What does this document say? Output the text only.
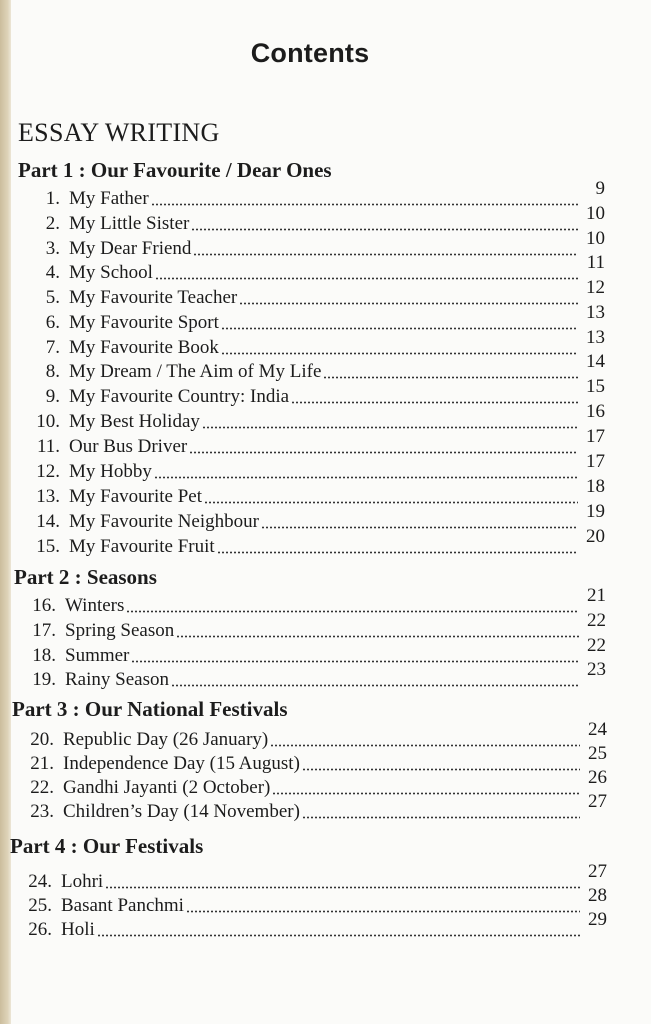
Contents
ESSAY WRITING
Part 1 : Our Favourite / Dear Ones
1. My Father	9
2. My Little Sister	10
3. My Dear Friend	10
4. My School	11
5. My Favourite Teacher	12
6. My Favourite Sport	13
7. My Favourite Book	13
8. My Dream / The Aim of My Life	14
9. My Favourite Country: India	15
10. My Best Holiday	16
11. Our Bus Driver	17
12. My Hobby	17
13. My Favourite Pet	18
14. My Favourite Neighbour	19
15. My Favourite Fruit	20
Part 2 : Seasons
16. Winters	21
17. Spring Season	22
18. Summer	22
19. Rainy Season	23
Part 3 : Our National Festivals
20. Republic Day (26 January)	24
21. Independence Day (15 August)	25
22. Gandhi Jayanti (2 October)	26
23. Children’s Day (14 November)	27
Part 4 : Our Festivals
24. Lohri	27
25. Basant Panchmi	28
26. Holi	29
